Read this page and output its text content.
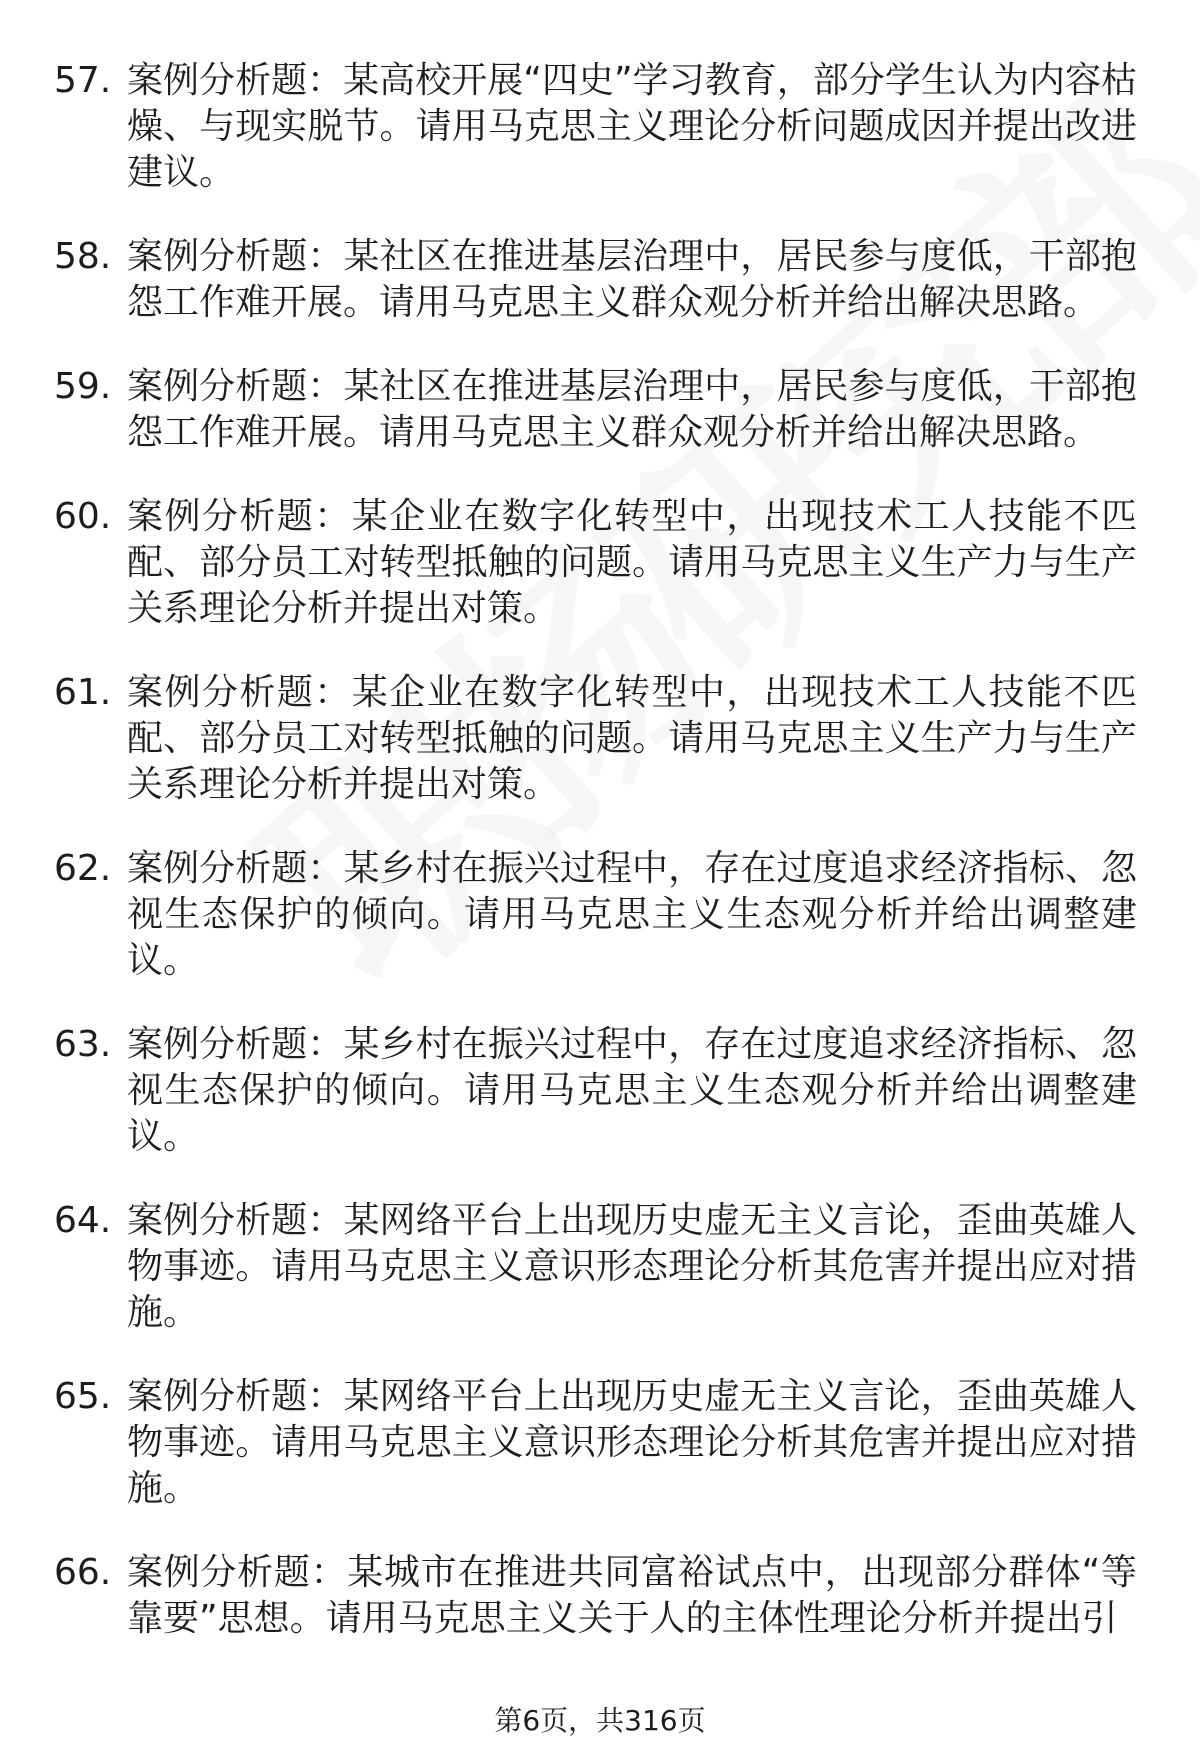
57. 案例分析题：某高校开展“四史”学习教育，部分学生认为内容枯燥、与现实脱节。请用马克思主义理论分析问题成因并提出改进建议。
58. 案例分析题：某社区在推进基层治理中，居民参与度低，干部抱怨工作难开展。请用马克思主义群众观分析并给出解决思路。
59. 案例分析题：某社区在推进基层治理中，居民参与度低，干部抱怨工作难开展。请用马克思主义群众观分析并给出解决思路。
60. 案例分析题：某企业在数字化转型中，出现技术工人技能不匹配、部分员工对转型抵触的问题。请用马克思主义生产力与生产关系理论分析并提出对策。
61. 案例分析题：某企业在数字化转型中，出现技术工人技能不匹配、部分员工对转型抵触的问题。请用马克思主义生产力与生产关系理论分析并提出对策。
62. 案例分析题：某乡村在振兴过程中，存在过度追求经济指标、忽视生态保护的倾向。请用马克思主义生态观分析并给出调整建议。
63. 案例分析题：某乡村在振兴过程中，存在过度追求经济指标、忽视生态保护的倾向。请用马克思主义生态观分析并给出调整建议。
64. 案例分析题：某网络平台上出现历史虚无主义言论，歪曲英雄人物事迹。请用马克思主义意识形态理论分析其危害并提出应对措施。
65. 案例分析题：某网络平台上出现历史虚无主义言论，歪曲英雄人物事迹。请用马克思主义意识形态理论分析其危害并提出应对措施。
66. 案例分析题：某城市在推进共同富裕试点中，出现部分群体“等靠要”思想。请用马克思主义关于人的主体性理论分析并提出引
第6页，共316页
